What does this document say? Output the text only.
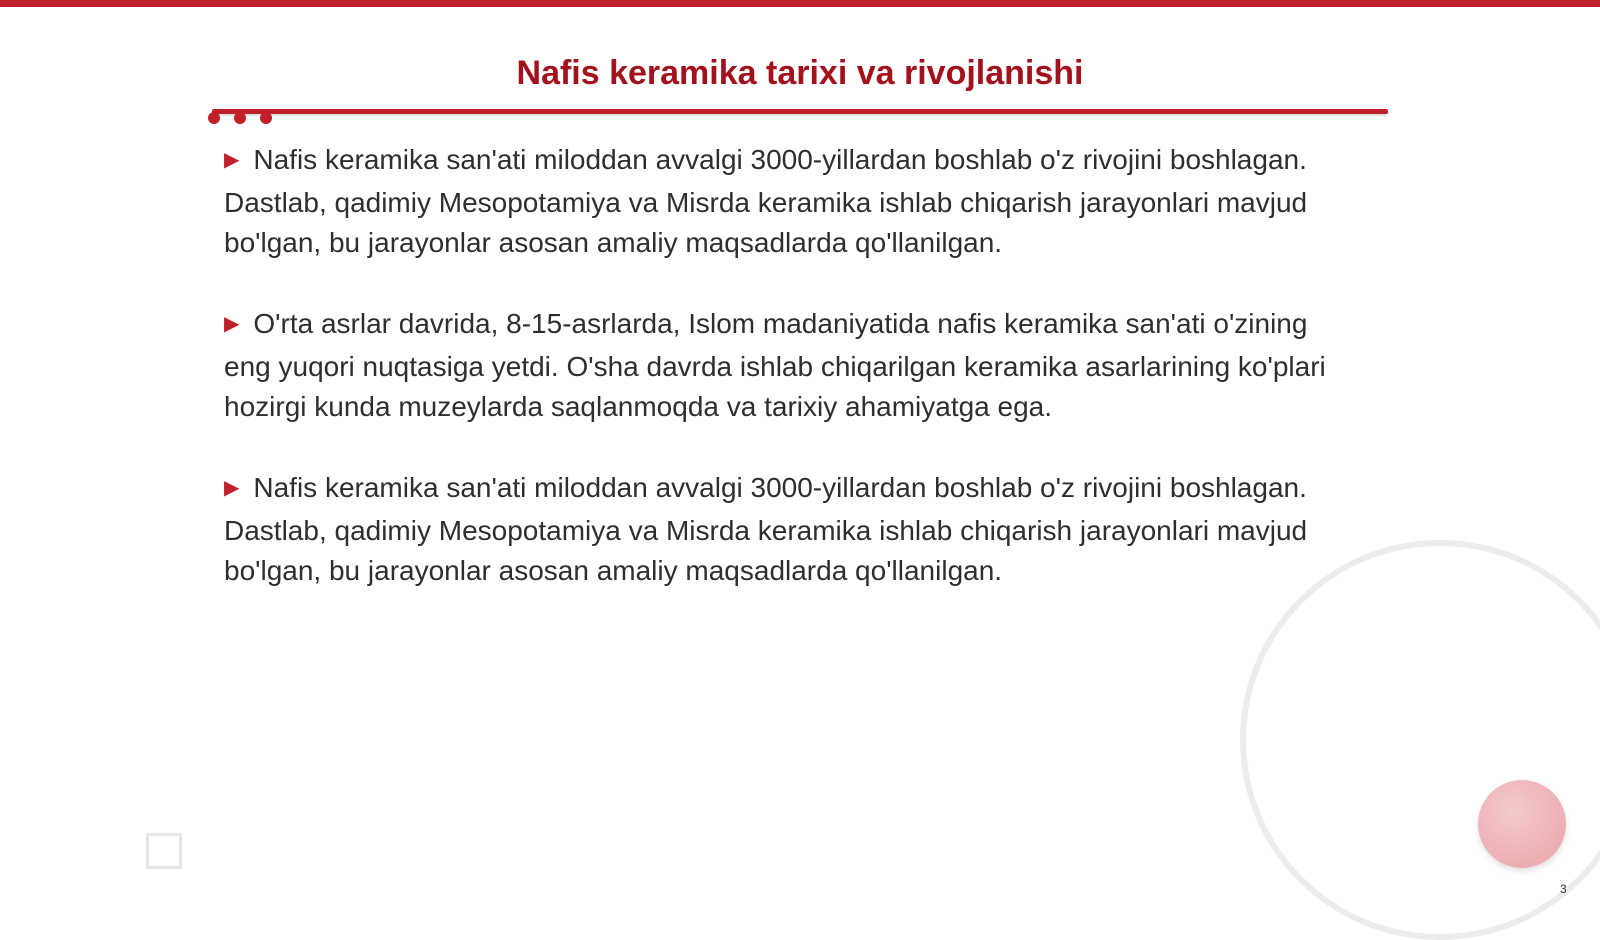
Nafis keramika tarixi va rivojlanishi

▶ Nafis keramika san'ati miloddan avvalgi 3000-yillardan boshlab o'z rivojini boshlagan. Dastlab, qadimiy Mesopotamiya va Misrda keramika ishlab chiqarish jarayonlari mavjud bo'lgan, bu jarayonlar asosan amaliy maqsadlarda qo'llanilgan.

▶ O'rta asrlar davrida, 8-15-asrlarda, Islom madaniyatida nafis keramika san'ati o'zining eng yuqori nuqtasiga yetdi. O'sha davrda ishlab chiqarilgan keramika asarlarining ko'plari hozirgi kunda muzeylarda saqlanmoqda va tarixiy ahamiyatga ega.

▶ Nafis keramika san'ati miloddan avvalgi 3000-yillardan boshlab o'z rivojini boshlagan. Dastlab, qadimiy Mesopotamiya va Misrda keramika ishlab chiqarish jarayonlari mavjud bo'lgan, bu jarayonlar asosan amaliy maqsadlarda qo'llanilgan.

3
